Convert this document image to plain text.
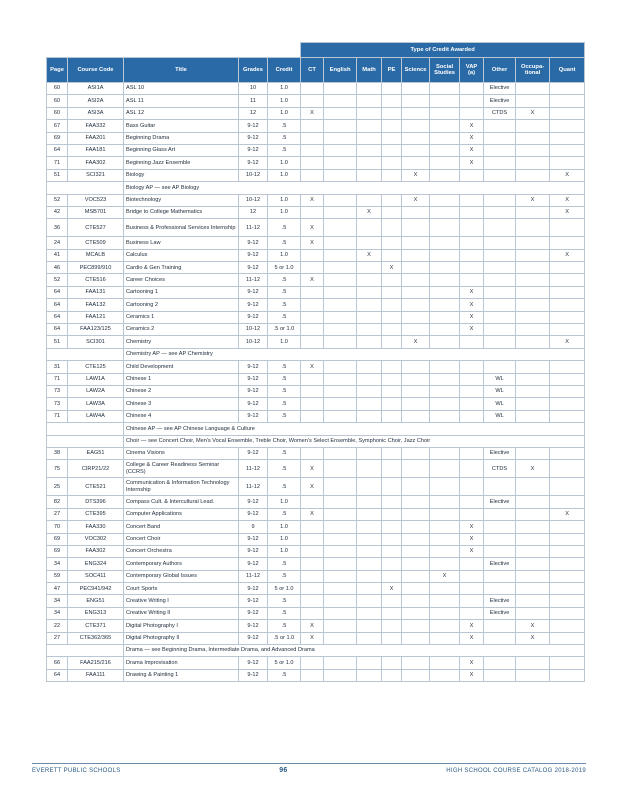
					Type of Credit Awarded									
Page	Course Code	Title	Grades	Credit	CT	English	Math	PE	Science	Social Studies	VAP (a)	Other	Occupa-tional	Quant
60	ASI1A	ASL 10	10	1.0								Elective		
60	ASI2A	ASL 11	11	1.0								Elective		
60	ASI3A	ASL 12	12	1.0	X							CTDS	X	
67	FAA332	Bass Guitar	9-12	.5							X			
69	FAA201	Beginning Drama	9-12	.5							X			
64	FAA181	Beginning Glass Art	9-12	.5							X			
71	FAA302	Beginning Jazz Ensemble	9-12	1.0							X			
51	SCI321	Biology	10-12	1.0					X					X
		Biology AP — see AP Biology												
52	VOC523	Biotechnology	10-12	1.0	X				X				X	X
42	MSB701	Bridge to College Mathematics	12	1.0			X							X
36	CTE527	Business & Professional Services Internship	11-12	.5	X									
24	CTE509	Business Law	9-12	.5	X									
41	MCALB	Calculus	9-12	1.0			X							X
46	PEC899/910	Cardio & Gen Training	9-12	5 or 1.0				X						
52	CTE516	Career Choices	11-12	.5	X									
64	FAA131	Cartooning 1	9-12	.5							X			
64	FAA132	Cartooning 2	9-12	.5							X			
64	FAA121	Ceramics 1	9-12	.5							X			
64	FAA123/125	Ceramics 2	10-12	.5 or 1.0							X			
51	SCI301	Chemistry	10-12	1.0					X					X
		Chemistry AP — see AP Chemistry												
31	CTE125	Child Development	9-12	.5	X									
71	LAW1A	Chinese 1	9-12	.5								WL		
73	LAW2A	Chinese 2	9-12	.5								WL		
73	LAW3A	Chinese 3	9-12	.5								WL		
71	LAW4A	Chinese 4	9-12	.5								WL		
		Chinese AP — see AP Chinese Language & Culture												
		Choir — see Concert Choir, Men's Vocal Ensemble, Treble Choir, Women's Select Ensemble, Symphonic Choir, Jazz Choir												
38	EAG51	Cinema Visions	9-12	.5								Elective		
75	CIRP21/22	College & Career Readiness Seminar (CCRS)	11-12	.5	X							CTDS	X	
25	CTE521	Communication & Information Technology Internship	11-12	.5	X									
82	DTS396	Compass Cult. & Intercultural Lead.	9-12	1.0								Elective		
27	CTE395	Computer Applications	9-12	.5	X									X
70	FAA330	Concert Band	9	1.0							X			
69	VOC302	Concert Choir	9-12	1.0							X			
69	FAA302	Concert Orchestra	9-12	1.0							X			
34	ENG324	Contemporary Authors	9-12	.5								Elective		
59	SOC411	Contemporary Global Issues	11-12	.5						X				
47	PEC941/942	Court Sports	9-12	5 or 1.0				X						
34	ENG51	Creative Writing I	9-12	.5								Elective		
34	ENG313	Creative Writing II	9-12	.5								Elective		
22	CTE371	Digital Photography I	9-12	.5	X						X		X	
27	CTE362/365	Digital Photography II	9-12	.5 or 1.0	X						X		X	
		Drama — see Beginning Drama, Intermediate Drama, and Advanced Drama												
66	FAA215/216	Drama Improvisation	9-12	5 or 1.0							X			
64	FAA111	Drawing & Painting 1	9-12	.5							X			
EVERETT PUBLIC SCHOOLS	96	HIGH SCHOOL COURSE CATALOG 2018-2019
